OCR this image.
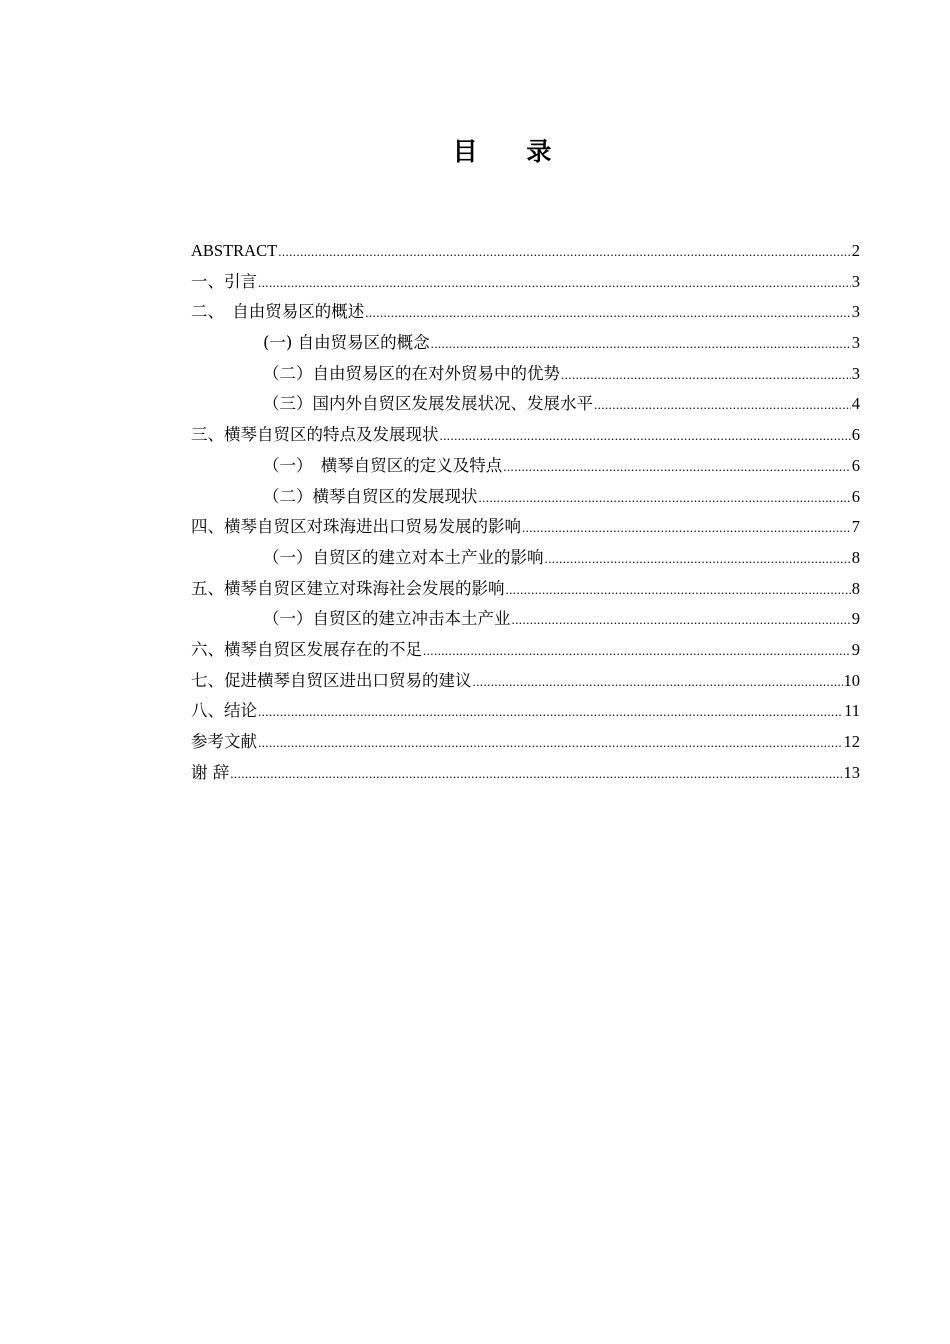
目 录
ABSTRACT .....	2
一、引言 .....	3
二、　自由贸易区的概述 .....	3
(一) 自由贸易区的概念 .....	3
（二）自由贸易区的在对外贸易中的优势 .....	3
（三）国内外自贸区发展发展状况、发展水平 .....	4
三、横琴自贸区的特点及发展现状 .....	6
（一）　横琴自贸区的定义及特点 .....	6
（二）横琴自贸区的发展现状 .....	6
四、横琴自贸区对珠海进出口贸易发展的影响 .....	7
（一）自贸区的建立对本土产业的影响 .....	8
五、横琴自贸区建立对珠海社会发展的影响 .....	8
（一）自贸区的建立冲击本土产业 .....	9
六、横琴自贸区发展存在的不足 .....	9
七、促进横琴自贸区进出口贸易的建议 .....	10
八、结论 .....	11
参考文献 .....	12
谢 辞 .....	13
